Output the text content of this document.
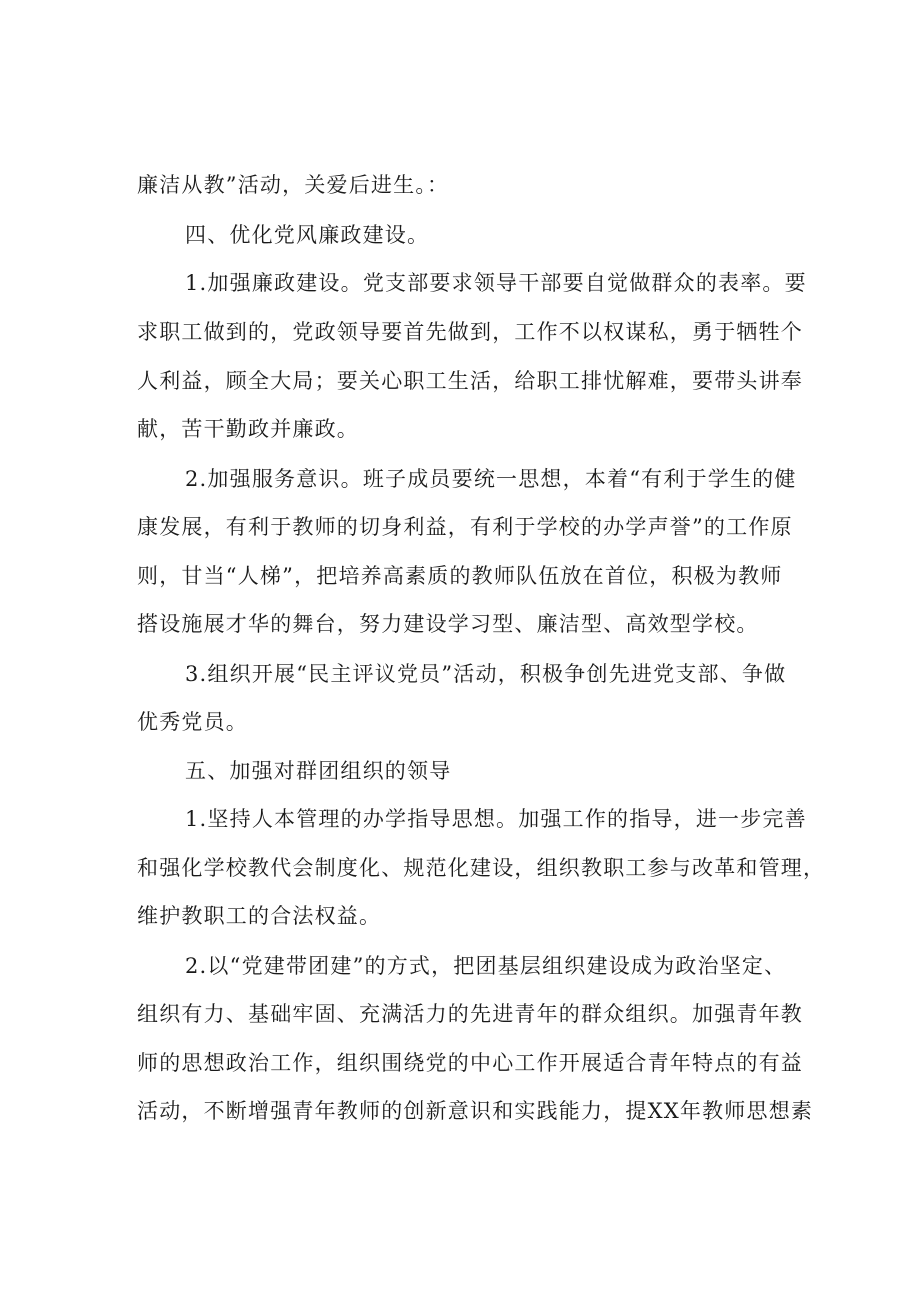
廉洁从教”活动，关爱后进生。：
四、优化党风廉政建设。
1.加强廉政建设。党支部要求领导干部要自觉做群众的表率。要
求职工做到的，党政领导要首先做到，工作不以权谋私，勇于牺牲个
人利益，顾全大局；要关心职工生活，给职工排忧解难，要带头讲奉
献，苦干勤政并廉政。
2.加强服务意识。班子成员要统一思想，本着“有利于学生的健
康发展，有利于教师的切身利益，有利于学校的办学声誉”的工作原
则，甘当“人梯”，把培养高素质的教师队伍放在首位，积极为教师
搭设施展才华的舞台，努力建设学习型、廉洁型、高效型学校。
3.组织开展“民主评议党员”活动，积极争创先进党支部、争做
优秀党员。
五、加强对群团组织的领导
1.坚持人本管理的办学指导思想。加强工作的指导，进一步完善
和强化学校教代会制度化、规范化建设，组织教职工参与改革和管理，
维护教职工的合法权益。
2.以“党建带团建”的方式，把团基层组织建设成为政治坚定、
组织有力、基础牢固、充满活力的先进青年的群众组织。加强青年教
师的思想政治工作，组织围绕党的中心工作开展适合青年特点的有益
活动，不断增强青年教师的创新意识和实践能力，提XX年教师思想素
